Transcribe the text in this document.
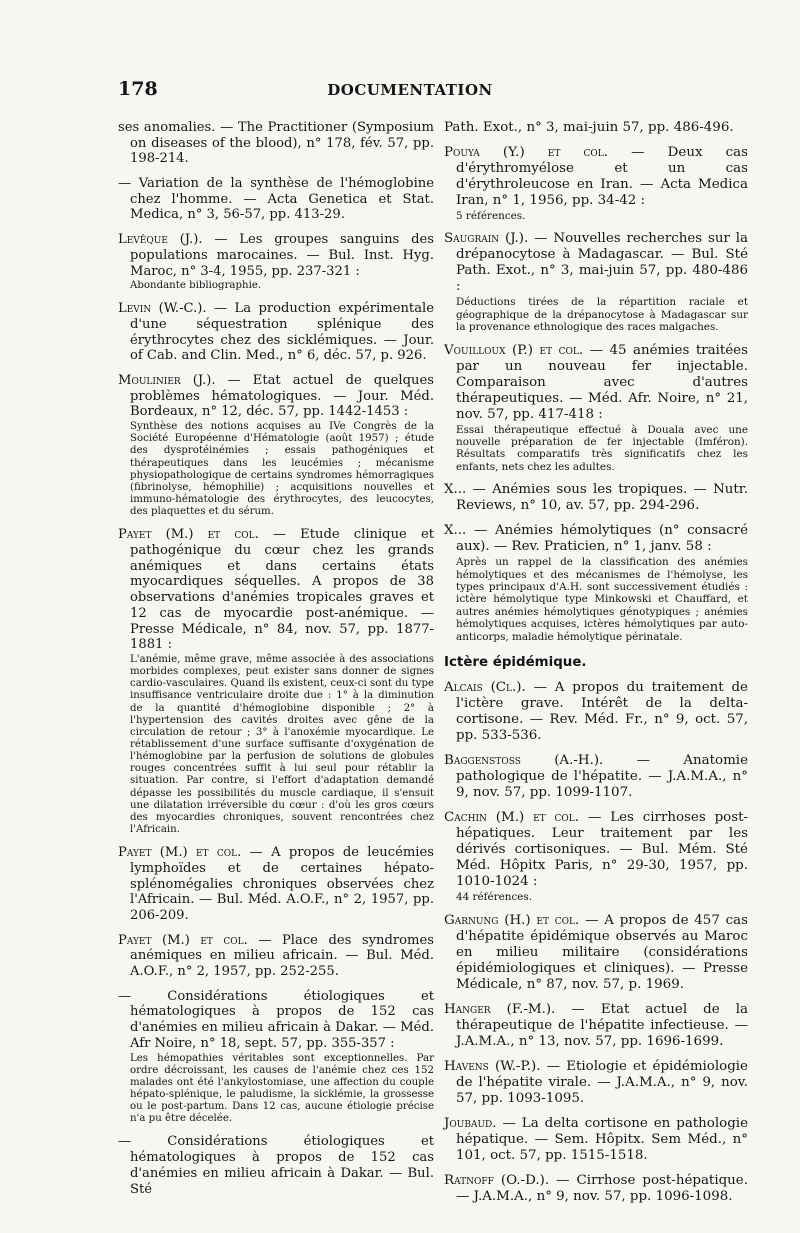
178	DOCUMENTATION
ses anomalies. — The Practitioner (Symposium on diseases of the blood), n° 178, fév. 57, pp. 198-214.
— Variation de la synthèse de l'hémoglobine chez l'homme. — Acta Genetica et Stat. Medica, n° 3, 56-57, pp. 413-29.
Levêque (J.). — Les groupes sanguins des populations marocaines. — Bul. Inst. Hyg. Maroc, n° 3-4, 1955, pp. 237-321 :
Abondante bibliographie.
Levin (W.-C.). — La production expérimentale d'une séquestration splénique des érythrocytes chez des sicklémiques. — Jour. of Cab. and Clin. Med., n° 6, déc. 57, p. 926.
Moulinier (J.). — Etat actuel de quelques problèmes hématologiques. — Jour. Méd. Bordeaux, n° 12, déc. 57, pp. 1442-1453 :
Synthèse des notions acquises au IVe Congrès de la Société Européenne d'Hématologie (août 1957) ; étude des dysprotéinémies ; essais pathogéniques et thérapeutiques dans les leucémies ; mécanisme physiopathologique de certains syndromes hémorragiques (fibrinolyse, hémophilie) ; acquisitions nouvelles et immuno-hématologie des érythrocytes, des leucocytes, des plaquettes et du sérum.
Payet (M.) et col. — Etude clinique et pathogénique du cœur chez les grands anémiques et dans certains états myocardiques séquelles. A propos de 38 observations d'anémies tropicales graves et 12 cas de myocardie post-anémique. — Presse Médicale, n° 84, nov. 57, pp. 1877-1881 :
L'anémie, même grave, même associée à des associations morbides complexes, peut exister sans donner de signes cardio-vasculaires. Quand ils existent, ceux-ci sont du type insuffisance ventriculaire droite due : 1° à la diminution de la quantité d'hémoglobine disponible ; 2° à l'hypertension des cavités droites avec gêne de la circulation de retour ; 3° à l'anoxémie myocardique. Le rétablissement d'une surface suffisante d'oxygénation de l'hémoglobine par la perfusion de solutions de globules rouges concentrées suffit à lui seul pour rétablir la situation. Par contre, si l'effort d'adaptation demandé dépasse les possibilités du muscle cardiaque, il s'ensuit une dilatation irréversible du cœur : d'où les gros cœurs des myocardies chroniques, souvent rencontrées chez l'Africain.
Payet (M.) et col. — A propos de leucémies lymphoïdes et de certaines hépato-splénomégalies chroniques observées chez l'Africain. — Bul. Méd. A.O.F., n° 2, 1957, pp. 206-209.
Payet (M.) et col. — Place des syndromes anémiques en milieu africain. — Bul. Méd. A.O.F., n° 2, 1957, pp. 252-255.
— Considérations étiologiques et hématologiques à propos de 152 cas d'anémies en milieu africain à Dakar. — Méd. Afr Noire, n° 18, sept. 57, pp. 355-357 :
Les hémopathies véritables sont exceptionnelles. Par ordre décroissant, les causes de l'anémie chez ces 152 malades ont été l'ankylostomiase, une affection du couple hépato-splénique, le paludisme, la sicklémie, la grossesse ou le post-partum. Dans 12 cas, aucune étiologie précise n'a pu être décelée.
— Considérations étiologiques et hématologiques à propos de 152 cas d'anémies en milieu africain à Dakar. — Bul. Sté
Path. Exot., n° 3, mai-juin 57, pp. 486-496.
Pouya (Y.) et col. — Deux cas d'érythromyélose et un cas d'érythroleucose en Iran. — Acta Medica Iran, n° 1, 1956, pp. 34-42 :
5 références.
Saugrain (J.). — Nouvelles recherches sur la drépanocytose à Madagascar. — Bul. Sté Path. Exot., n° 3, mai-juin 57, pp. 480-486 :
Déductions tirées de la répartition raciale et géographique de la drépanocytose à Madagascar sur la provenance ethnologique des races malgaches.
Vouilloux (P.) et col. — 45 anémies traitées par un nouveau fer injectable. Comparaison avec d'autres thérapeutiques. — Méd. Afr. Noire, n° 21, nov. 57, pp. 417-418 :
Essai thérapeutique effectué à Douala avec une nouvelle préparation de fer injectable (Imféron). Résultats comparatifs très significatifs chez les enfants, nets chez les adultes.
X... — Anémies sous les tropiques. — Nutr. Reviews, n° 10, av. 57, pp. 294-296.
X... — Anémies hémolytiques (n° consacré aux). — Rev. Praticien, n° 1, janv. 58 :
Après un rappel de la classification des anémies hémolytiques et des mécanismes de l'hémolyse, les types principaux d'A.H. sont successivement étudiés : ictère hémolytique type Minkowski et Chauffard, et autres anémies hémolytiques génotypiques ; anémies hémolytiques acquises, ictères hémolytiques par auto-anticorps, maladie hémolytique périnatale.
Ictère épidémique.
Alcais (Cl.). — A propos du traitement de l'ictère grave. Intérêt de la delta-cortisone. — Rev. Méd. Fr., n° 9, oct. 57, pp. 533-536.
Baggenstoss (A.-H.). — Anatomie pathologique de l'hépatite. — J.A.M.A., n° 9, nov. 57, pp. 1099-1107.
Cachin (M.) et col. — Les cirrhoses post-hépatiques. Leur traitement par les dérivés cortisoniques. — Bul. Mém. Sté Méd. Hôpitx Paris, n° 29-30, 1957, pp. 1010-1024 :
44 références.
Garnung (H.) et col. — A propos de 457 cas d'hépatite épidémique observés au Maroc en milieu militaire (considérations épidémiologiques et cliniques). — Presse Médicale, n° 87, nov. 57, p. 1969.
Hanger (F.-M.). — Etat actuel de la thérapeutique de l'hépatite infectieuse. — J.A.M.A., n° 13, nov. 57, pp. 1696-1699.
Havens (W.-P.). — Etiologie et épidémiologie de l'hépatite virale. — J.A.M.A., n° 9, nov. 57, pp. 1093-1095.
Joubaud. — La delta cortisone en pathologie hépatique. — Sem. Hôpitx. Sem Méd., n° 101, oct. 57, pp. 1515-1518.
Ratnoff (O.-D.). — Cirrhose post-hépatique. — J.A.M.A., n° 9, nov. 57, pp. 1096-1098.
